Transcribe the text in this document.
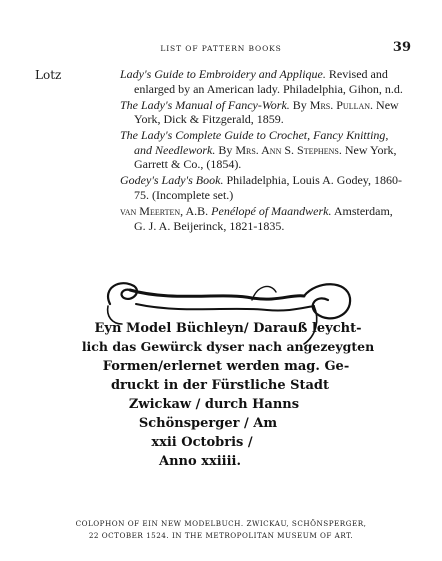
LIST OF PATTERN BOOKS	39
Lotz	Lady's Guide to Embroidery and Applique. Revised and enlarged by an American lady. Philadelphia, Gihon, n.d.

The Lady's Manual of Fancy-Work. By Mrs. Pullan. New York, Dick & Fitzgerald, 1859.

The Lady's Complete Guide to Crochet, Fancy Knitting, and Needlework. By Mrs. Ann S. Stephens. New York, Garrett & Co., (1854).

Godey's Lady's Book. Philadelphia, Louis A. Godey, 1860-75. (Incomplete set.)

van Meerten, A.B. Penélopé of Maandwerk. Amsterdam, G. J. A. Beijerinck, 1821-1835.

Eyn Model Büchleyn/ Darauß leycht-
lich das Gewürck dyser nach angezeygten
Formen/erlernet werden mag. Ge-
druckt in der Fürstliche Stadt
Zwickaw / durch Hanns
Schönsperger / Am
xxii Octobris /
Anno xxiiii.
COLOPHON OF EIN NEW MODELBUCH. ZWICKAU, SCHÖNSPERGER,
22 OCTOBER 1524. IN THE METROPOLITAN MUSEUM OF ART.
